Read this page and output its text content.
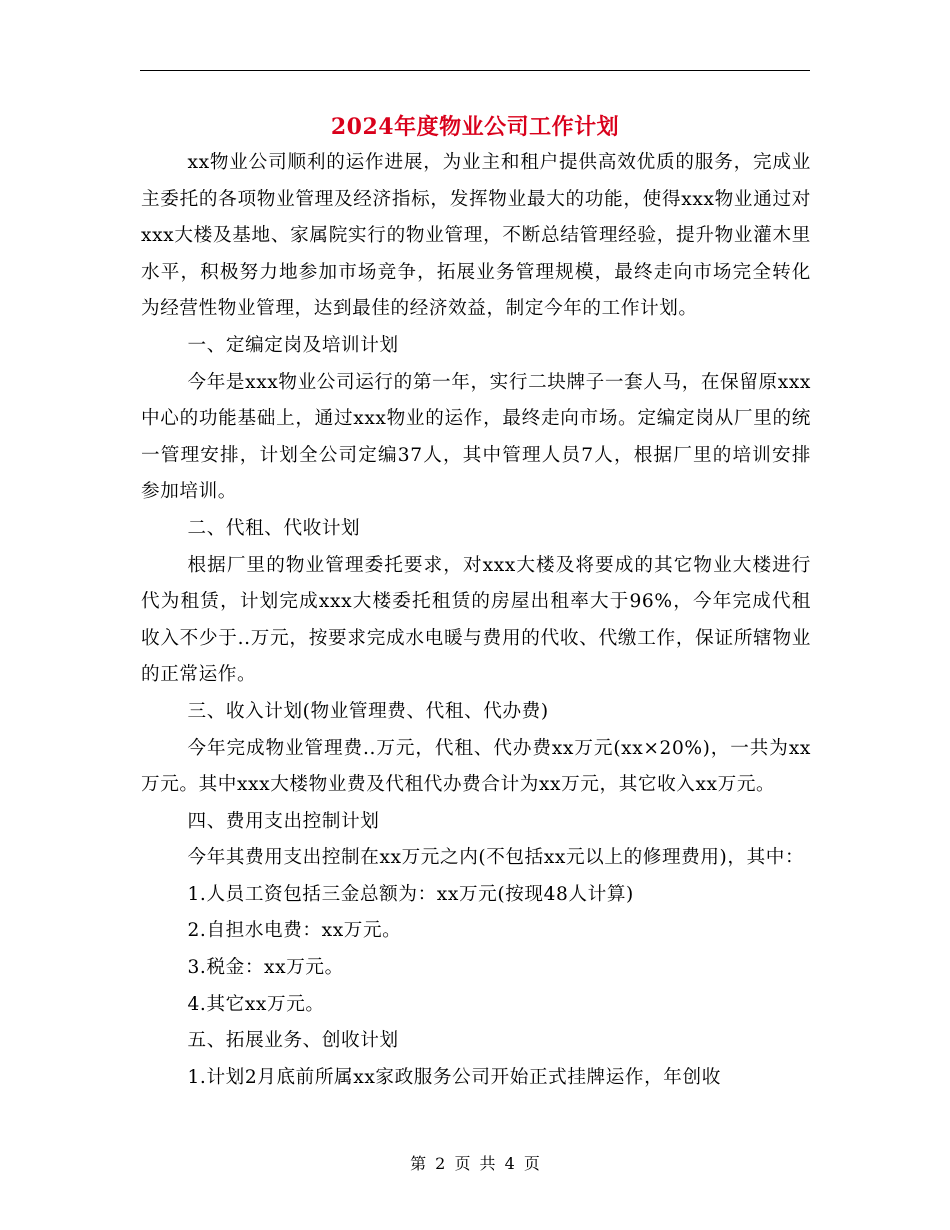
2024年度物业公司工作计划

xx物业公司顺利的运作进展，为业主和租户提供高效优质的服务，完成业主委托的各项物业管理及经济指标，发挥物业最大的功能，使得xxx物业通过对xxx大楼及基地、家属院实行的物业管理，不断总结管理经验，提升物业灌木里水平，积极努力地参加市场竞争，拓展业务管理规模，最终走向市场完全转化为经营性物业管理，达到最佳的经济效益，制定今年的工作计划。

一、定编定岗及培训计划

今年是xxx物业公司运行的第一年，实行二块牌子一套人马，在保留原xxx中心的功能基础上，通过xxx物业的运作，最终走向市场。定编定岗从厂里的统一管理安排，计划全公司定编37人，其中管理人员7人，根据厂里的培训安排参加培训。

二、代租、代收计划

根据厂里的物业管理委托要求，对xxx大楼及将要成的其它物业大楼进行代为租赁，计划完成xxx大楼委托租赁的房屋出租率大于96%，今年完成代租收入不少于..万元，按要求完成水电暖与费用的代收、代缴工作，保证所辖物业的正常运作。

三、收入计划(物业管理费、代租、代办费)

今年完成物业管理费..万元，代租、代办费xx万元(xx×20%)，一共为xx万元。其中xxx大楼物业费及代租代办费合计为xx万元，其它收入xx万元。

四、费用支出控制计划

今年其费用支出控制在xx万元之内(不包括xx元以上的修理费用)，其中：

1.人员工资包括三金总额为：xx万元(按现48人计算)

2.自担水电费：xx万元。

3.税金：xx万元。

4.其它xx万元。

五、拓展业务、创收计划

1.计划2月底前所属xx家政服务公司开始正式挂牌运作，年创收

第 2 页 共 4 页
